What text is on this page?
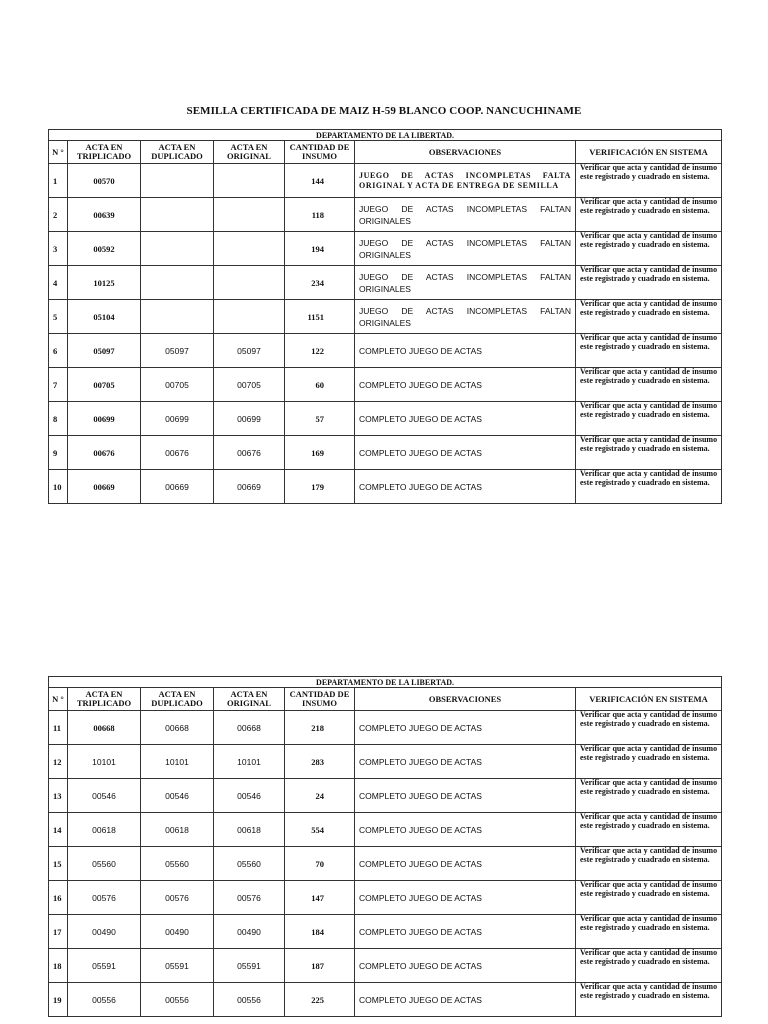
SEMILLA CERTIFICADA DE MAIZ H-59 BLANCO COOP. NANCUCHINAME
DEPARTAMENTO DE LA LIBERTAD.						
N °	ACTA EN TRIPLICADO	ACTA EN DUPLICADO	ACTA EN ORIGINAL	CANTIDAD DE INSUMO	OBSERVACIONES	VERIFICACIÓN EN SISTEMA
1	00570			144	JUEGO DE ACTAS INCOMPLETAS FALTA ORIGINAL Y ACTA DE ENTREGA DE SEMILLA	Verificar que acta y cantidad de insumo este registrado y cuadrado en sistema.
2	00639			118	JUEGO DE ACTAS INCOMPLETAS FALTAN ORIGINALES	Verificar que acta y cantidad de insumo este registrado y cuadrado en sistema.
3	00592			194	JUEGO DE ACTAS INCOMPLETAS FALTAN ORIGINALES	Verificar que acta y cantidad de insumo este registrado y cuadrado en sistema.
4	10125			234	JUEGO DE ACTAS INCOMPLETAS FALTAN ORIGINALES	Verificar que acta y cantidad de insumo este registrado y cuadrado en sistema.
5	05104			1151	JUEGO DE ACTAS INCOMPLETAS FALTAN ORIGINALES	Verificar que acta y cantidad de insumo este registrado y cuadrado en sistema.
6	05097	05097	05097	122	COMPLETO JUEGO DE ACTAS	Verificar que acta y cantidad de insumo este registrado y cuadrado en sistema.
7	00705	00705	00705	60	COMPLETO JUEGO DE ACTAS	Verificar que acta y cantidad de insumo este registrado y cuadrado en sistema.
8	00699	00699	00699	57	COMPLETO JUEGO DE ACTAS	Verificar que acta y cantidad de insumo este registrado y cuadrado en sistema.
9	00676	00676	00676	169	COMPLETO JUEGO DE ACTAS	Verificar que acta y cantidad de insumo este registrado y cuadrado en sistema.
10	00669	00669	00669	179	COMPLETO JUEGO DE ACTAS	Verificar que acta y cantidad de insumo este registrado y cuadrado en sistema.
DEPARTAMENTO DE LA LIBERTAD.						
N °	ACTA EN TRIPLICADO	ACTA EN DUPLICADO	ACTA EN ORIGINAL	CANTIDAD DE INSUMO	OBSERVACIONES	VERIFICACIÓN EN SISTEMA
11	00668	00668	00668	218	COMPLETO JUEGO DE ACTAS	Verificar que acta y cantidad de insumo este registrado y cuadrado en sistema.
12	10101	10101	10101	283	COMPLETO JUEGO DE ACTAS	Verificar que acta y cantidad de insumo este registrado y cuadrado en sistema.
13	00546	00546	00546	24	COMPLETO JUEGO DE ACTAS	Verificar que acta y cantidad de insumo este registrado y cuadrado en sistema.
14	00618	00618	00618	554	COMPLETO JUEGO DE ACTAS	Verificar que acta y cantidad de insumo este registrado y cuadrado en sistema.
15	05560	05560	05560	70	COMPLETO JUEGO DE ACTAS	Verificar que acta y cantidad de insumo este registrado y cuadrado en sistema.
16	00576	00576	00576	147	COMPLETO JUEGO DE ACTAS	Verificar que acta y cantidad de insumo este registrado y cuadrado en sistema.
17	00490	00490	00490	184	COMPLETO JUEGO DE ACTAS	Verificar que acta y cantidad de insumo este registrado y cuadrado en sistema.
18	05591	05591	05591	187	COMPLETO JUEGO DE ACTAS	Verificar que acta y cantidad de insumo este registrado y cuadrado en sistema.
19	00556	00556	00556	225	COMPLETO JUEGO DE ACTAS	Verificar que acta y cantidad de insumo este registrado y cuadrado en sistema.
